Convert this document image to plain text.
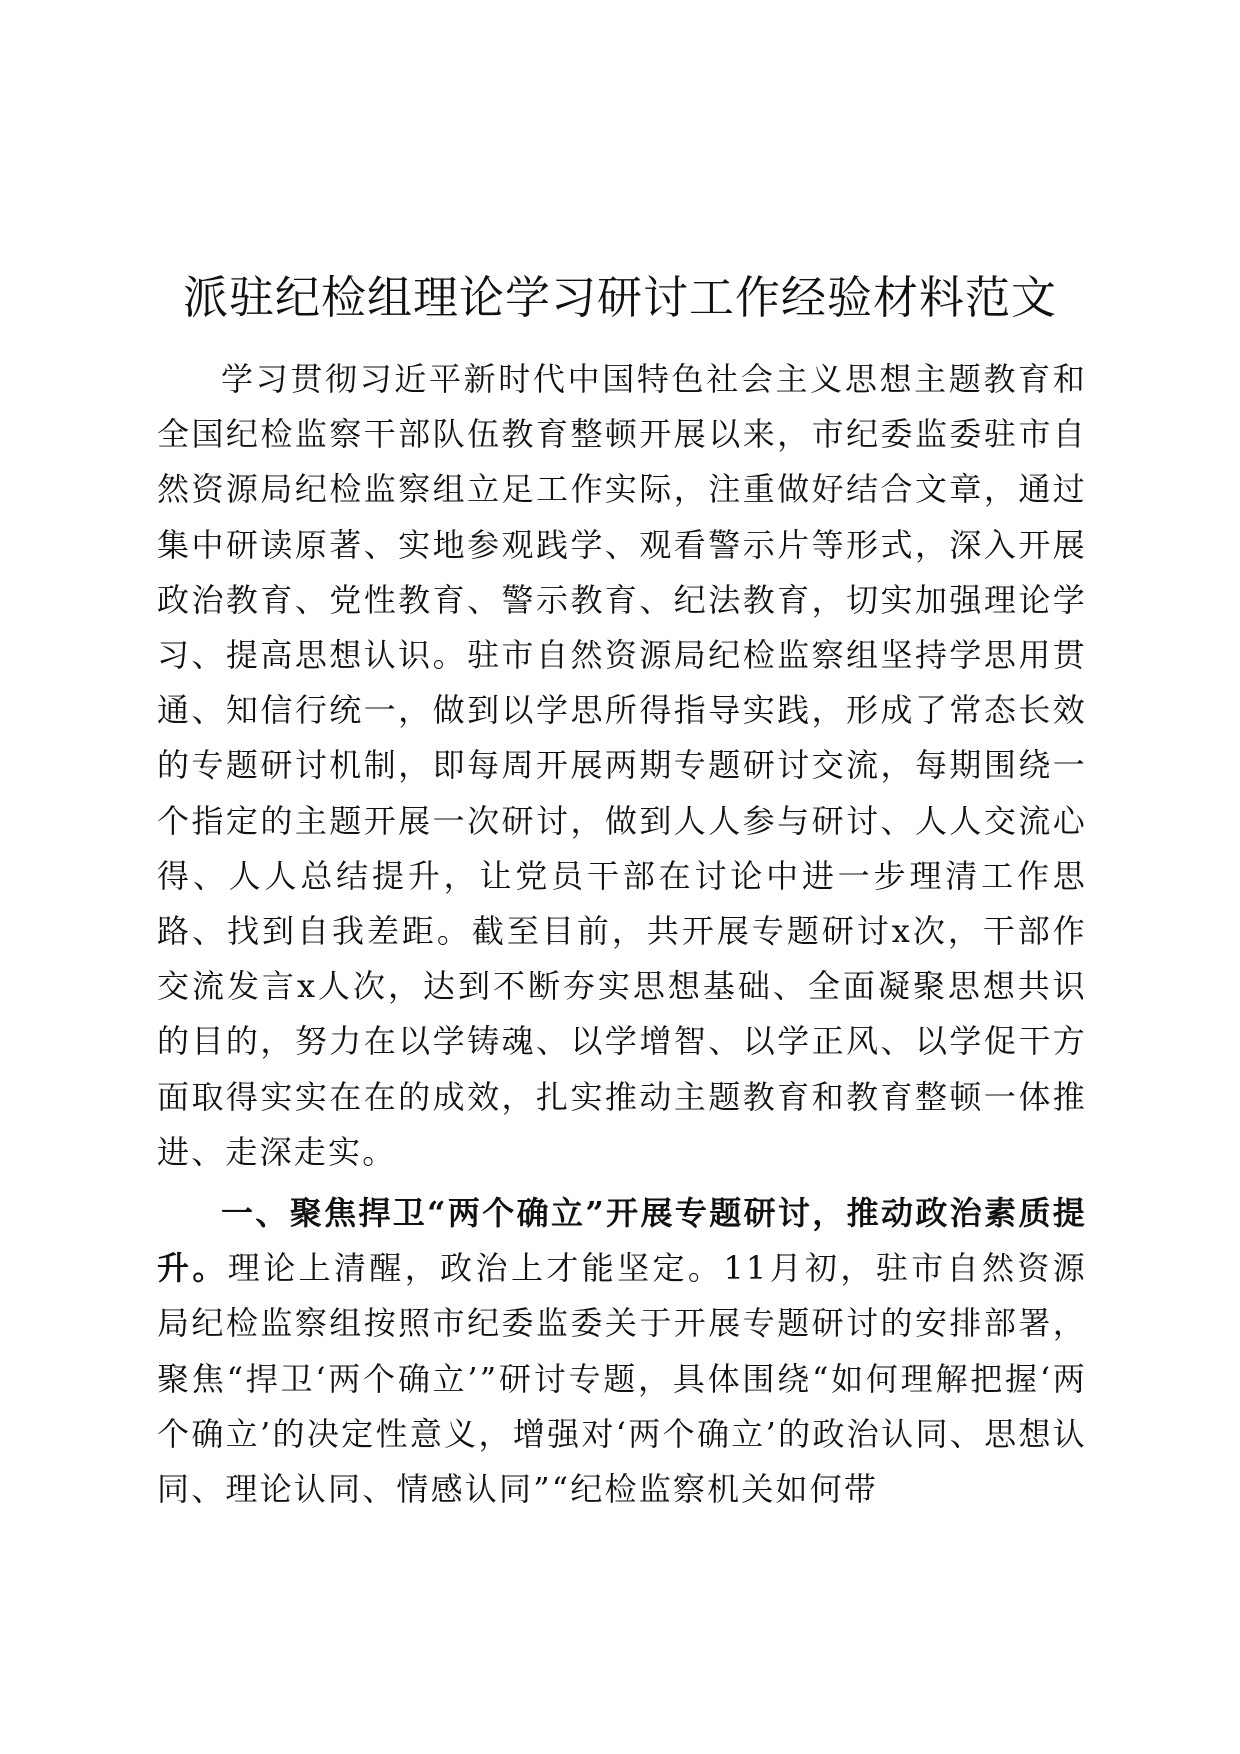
派驻纪检组理论学习研讨工作经验材料范文

学习贯彻习近平新时代中国特色社会主义思想主题教育和全国纪检监察干部队伍教育整顿开展以来，市纪委监委驻市自然资源局纪检监察组立足工作实际，注重做好结合文章，通过集中研读原著、实地参观践学、观看警示片等形式，深入开展政治教育、党性教育、警示教育、纪法教育，切实加强理论学习、提高思想认识。驻市自然资源局纪检监察组坚持学思用贯通、知信行统一，做到以学思所得指导实践，形成了常态长效的专题研讨机制，即每周开展两期专题研讨交流，每期围绕一个指定的主题开展一次研讨，做到人人参与研讨、人人交流心得、人人总结提升，让党员干部在讨论中进一步理清工作思路、找到自我差距。截至目前，共开展专题研讨x次，干部作交流发言x人次，达到不断夯实思想基础、全面凝聚思想共识的目的，努力在以学铸魂、以学增智、以学正风、以学促干方面取得实实在在的成效，扎实推动主题教育和教育整顿一体推进、走深走实。

一、聚焦捍卫“两个确立”开展专题研讨，推动政治素质提升。理论上清醒，政治上才能坚定。11月初，驻市自然资源局纪检监察组按照市纪委监委关于开展专题研讨的安排部署，聚焦“捍卫‘两个确立’”研讨专题，具体围绕“如何理解把握‘两个确立’的决定性意义，增强对‘两个确立’的政治认同、思想认同、理论认同、情感认同”“纪检监察机关如何带
